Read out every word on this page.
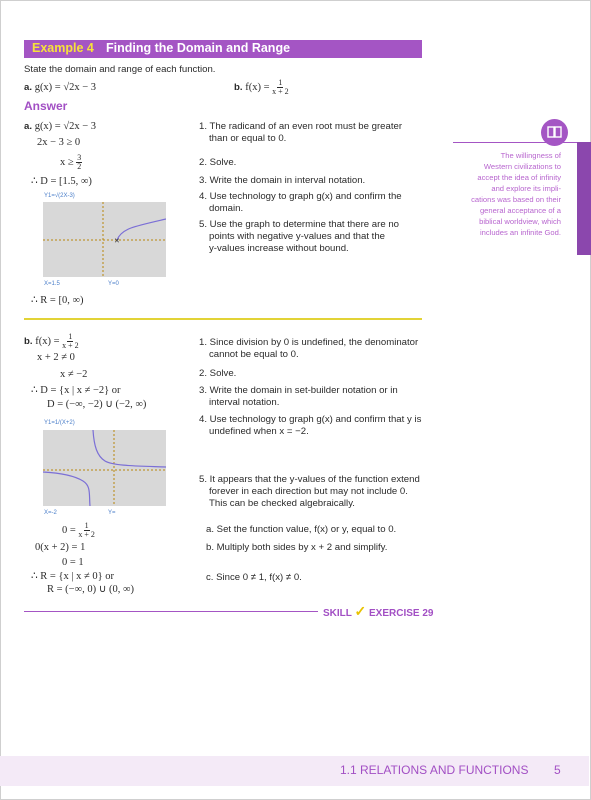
Example 4 Finding the Domain and Range
State the domain and range of each function.
a. g(x) = √2x − 3	b. $f(x) = \frac{1}{x + 2}$
Answer
a. g(x) = √2x − 3
2x − 3 ≥ 0
$x \ge \frac{3}{2}$
∴ D = [1.5, ∞)
1. The radicand of an even root must be greater
than or equal to 0.
2. Solve.
3. Write the domain in interval notation.
4. Use technology to graph g(x) and confirm the
domain.
5. Use the graph to determine that there are no
points with negative y-values and that the
y-values increase without bound.
Y1=√(2X-3)
✕
X=1.5	Y=0
∴ R = [0, ∞)
b. $f(x) = \frac{1}{x + 2}$
x + 2 ≠ 0
x ≠ −2
∴ D = {x | x ≠ −2} or
D = (−∞, −2) ∪ (−2, ∞)
1. Since division by 0 is undefined, the denominator
cannot be equal to 0.
2. Solve.
3. Write the domain in set-builder notation or in
interval notation.
4. Use technology to graph g(x) and confirm that y is
undefined when x = −2.
5. It appears that the y-values of the function extend
forever in each direction but may not include 0.
This can be checked algebraically.
Y1=1/(X+2)
X=-2	Y=
$0 = \frac{1}{x + 2}$
0(x + 2) = 1
0 = 1
∴ R = {x | x ≠ 0} or
R = (−∞, 0) ∪ (0, ∞)
a. Set the function value, f(x) or y, equal to 0.
b. Multiply both sides by x + 2 and simplify.
c. Since 0 ≠ 1, f(x) ≠ 0.
SKILL ✓ EXERCISE 29
The willingness of
Western civilizations to
accept the idea of infinity
and explore its impli-
cations was based on their
general acceptance of a
biblical worldview, which
includes an infinite God.
1.1 RELATIONS AND FUNCTIONS 5
